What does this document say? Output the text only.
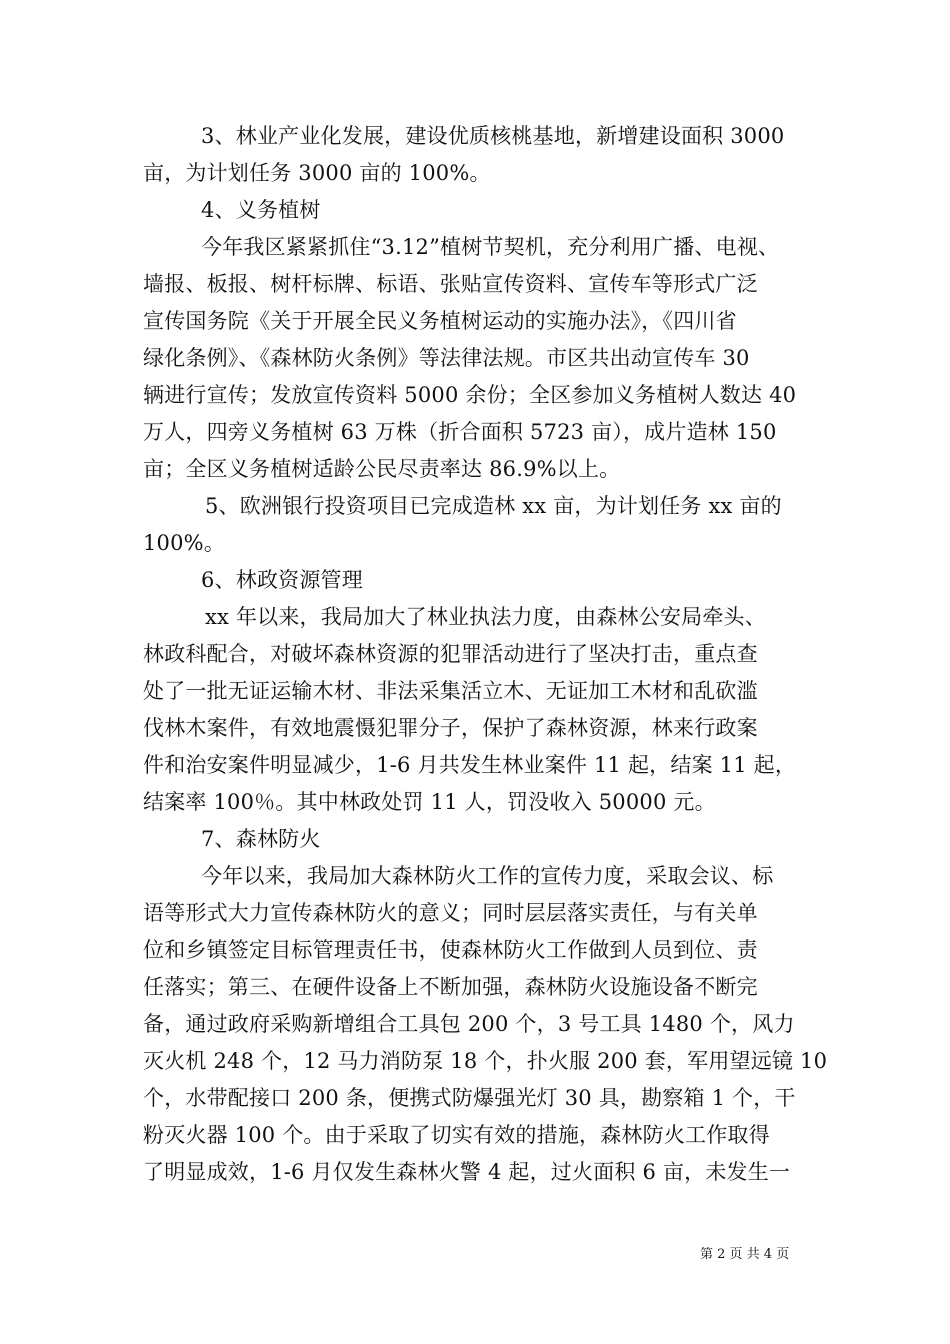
3、林业产业化发展，建设优质核桃基地，新增建设面积 3000
亩，为计划任务 3000 亩的 100%。
4、义务植树
今年我区紧紧抓住“3.12”植树节契机，充分利用广播、电视、
墙报、板报、树杆标牌、标语、张贴宣传资料、宣传车等形式广泛
宣传国务院《关于开展全民义务植树运动的实施办法》，《四川省
绿化条例》、《森林防火条例》等法律法规。市区共出动宣传车 30
辆进行宣传；发放宣传资料 5000 余份；全区参加义务植树人数达 40
万人，四旁义务植树 63 万株（折合面积 5723 亩），成片造林 150
亩；全区义务植树适龄公民尽责率达 86.9%以上。
5、欧洲银行投资项目已完成造林 xx 亩，为计划任务 xx 亩的
100%。
6、林政资源管理
xx 年以来，我局加大了林业执法力度，由森林公安局牵头、
林政科配合，对破坏森林资源的犯罪活动进行了坚决打击，重点查
处了一批无证运输木材、非法采集活立木、无证加工木材和乱砍滥
伐林木案件，有效地震慑犯罪分子，保护了森林资源，林来行政案
件和治安案件明显减少，1-6 月共发生林业案件 11 起，结案 11 起，
结案率 100％。其中林政处罚 11 人，罚没收入 50000 元。
7、森林防火
今年以来，我局加大森林防火工作的宣传力度，采取会议、标
语等形式大力宣传森林防火的意义；同时层层落实责任，与有关单
位和乡镇签定目标管理责任书，使森林防火工作做到人员到位、责
任落实；第三、在硬件设备上不断加强，森林防火设施设备不断完
备，通过政府采购新增组合工具包 200 个，3 号工具 1480 个，风力
灭火机 248 个，12 马力消防泵 18 个，扑火服 200 套，军用望远镜 10
个，水带配接口 200 条，便携式防爆强光灯 30 具，勘察箱 1 个，干
粉灭火器 100 个。由于采取了切实有效的措施，森林防火工作取得
了明显成效，1-6 月仅发生森林火警 4 起，过火面积 6 亩，未发生一
第 2 页 共 4 页
